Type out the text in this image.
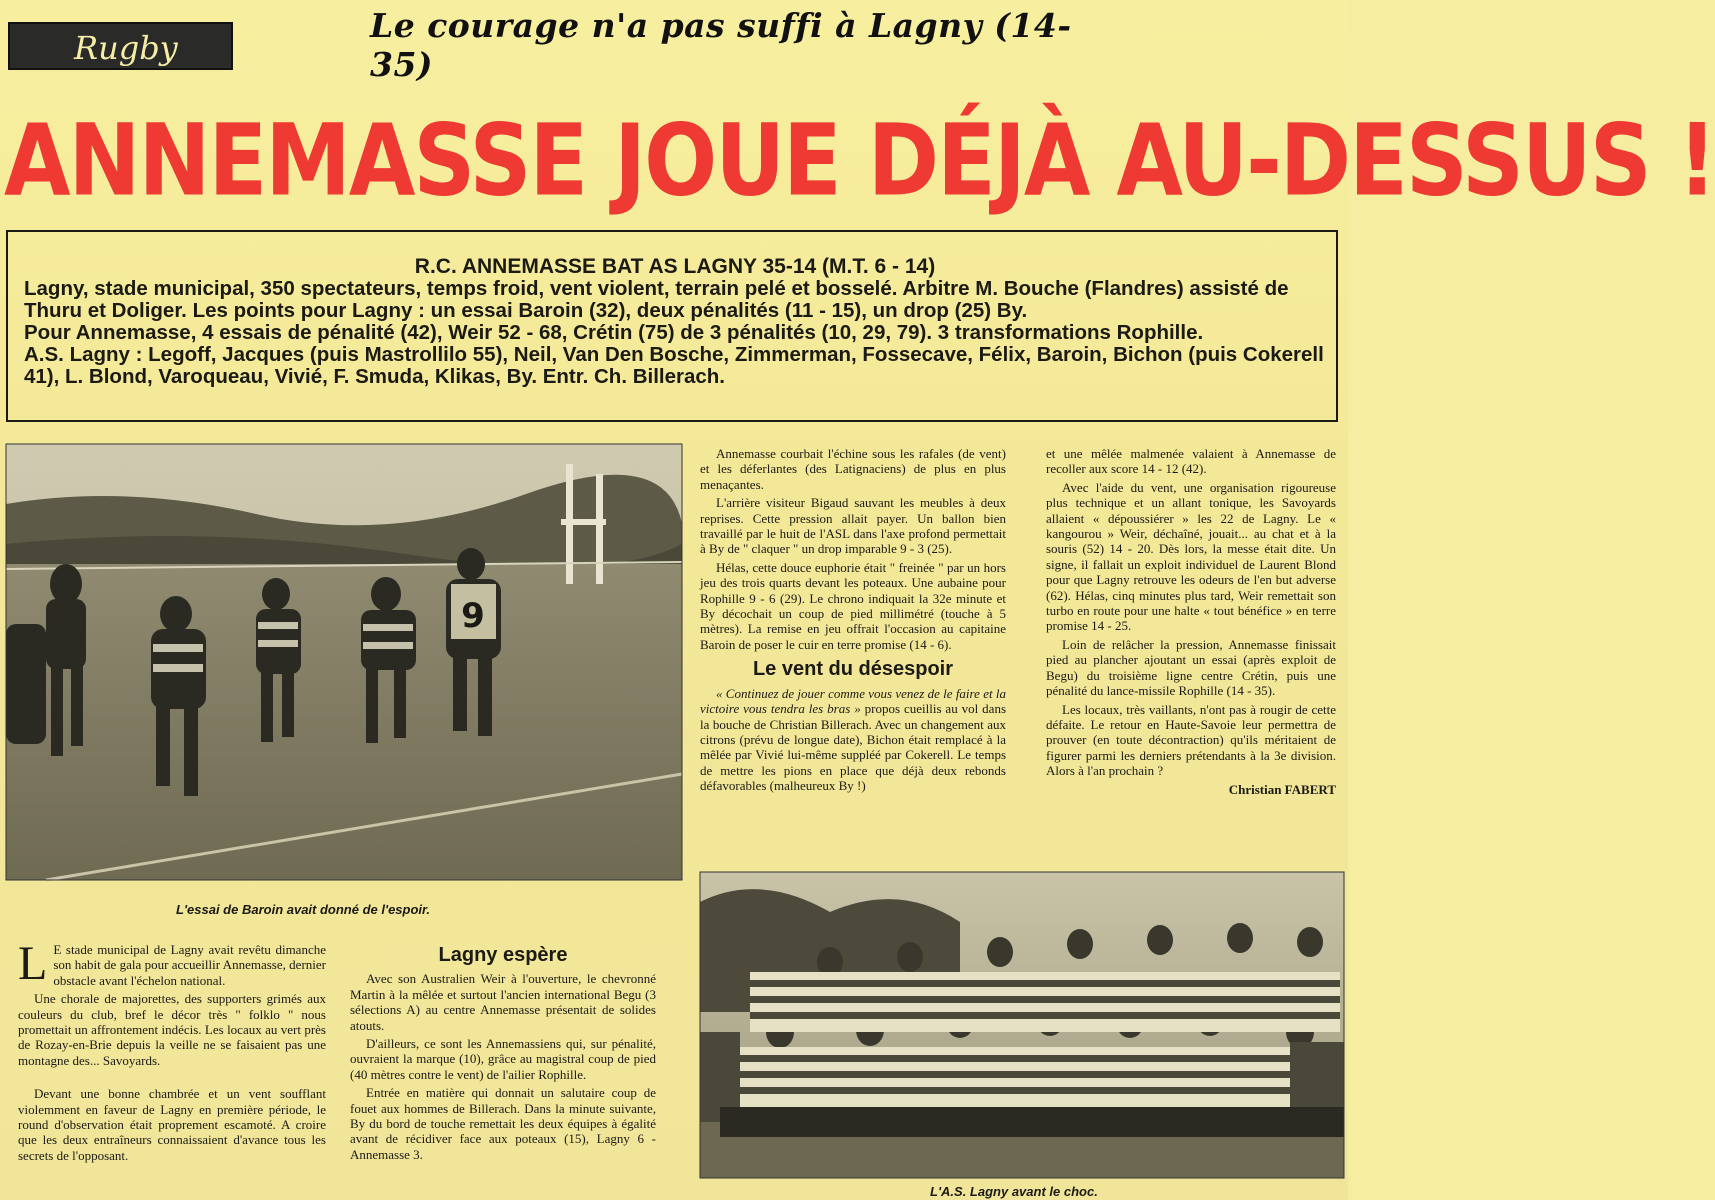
Rugby
Le courage n'a pas suffi à Lagny (14-35)
ANNEMASSE JOUE DÉJÀ AU-DESSUS !

R.C. ANNEMASSE BAT AS LAGNY 35-14 (M.T. 6 - 14)

Lagny, stade municipal, 350 spectateurs, temps froid, vent violent, terrain pelé et bosselé. Arbitre M. Bouche (Flandres) assisté de Thuru et Doliger. Les points pour Lagny : un essai Baroin (32), deux pénalités (11 - 15), un drop (25) By.

Pour Annemasse, 4 essais de pénalité (42), Weir 52 - 68, Crétin (75) de 3 pénalités (10, 29, 79). 3 transformations Rophille.

A.S. Lagny : Legoff, Jacques (puis Mastrollilo 55), Neil, Van Den Bosche, Zimmerman, Fossecave, Félix, Baroin, Bichon (puis Cokerell 41), L. Blond, Varoqueau, Vivié, F. Smuda, Klikas, By. Entr. Ch. Billerach.

9
L'essai de Baroin avait donné de l'espoir.

L E stade municipal de Lagny avait revêtu dimanche son habit de gala pour accueillir Annemasse, dernier obstacle avant l'échelon national.

Une chorale de majorettes, des supporters grimés aux couleurs du club, bref le décor très " folklo " nous promettait un affrontement indécis. Les locaux au vert près de Rozay-en-Brie depuis la veille ne se faisaient pas une montagne des... Savoyards.

Devant une bonne chambrée et un vent soufflant violemment en faveur de Lagny en première période, le round d'observation était proprement escamoté. A croire que les deux entraîneurs connaissaient d'avance tous les secrets de l'opposant.

Lagny espère

Avec son Australien Weir à l'ouverture, le chevronné Martin à la mêlée et surtout l'ancien international Begu (3 sélections A) au centre Annemasse présentait de solides atouts.

D'ailleurs, ce sont les Annemassiens qui, sur pénalité, ouvraient la marque (10), grâce au magistral coup de pied (40 mètres contre le vent) de l'ailier Rophille.

Entrée en matière qui donnait un salutaire coup de fouet aux hommes de Billerach. Dans la minute suivante, By du bord de touche remettait les deux équipes à égalité avant de récidiver face aux poteaux (15), Lagny 6 - Annemasse 3.

Annemasse courbait l'échine sous les rafales (de vent) et les déferlantes (des Latignaciens) de plus en plus menaçantes.

L'arrière visiteur Bigaud sauvant les meubles à deux reprises. Cette pression allait payer. Un ballon bien travaillé par le huit de l'ASL dans l'axe profond permettait à By de " claquer " un drop imparable 9 - 3 (25).

Hélas, cette douce euphorie était " freinée " par un hors jeu des trois quarts devant les poteaux. Une aubaine pour Rophille 9 - 6 (29). Le chrono indiquait la 32e minute et By décochait un coup de pied millimétré (touche à 5 mètres). La remise en jeu offrait l'occasion au capitaine Baroin de poser le cuir en terre promise (14 - 6).

Le vent du désespoir

« Continuez de jouer comme vous venez de le faire et la victoire vous tendra les bras » propos cueillis au vol dans la bouche de Christian Billerach. Avec un changement aux citrons (prévu de longue date), Bichon était remplacé à la mêlée par Vivié lui-même suppléé par Cokerell. Le temps de mettre les pions en place que déjà deux rebonds défavorables (malheureux By !)

et une mêlée malmenée valaient à Annemasse de recoller aux score 14 - 12 (42).

Avec l'aide du vent, une organisation rigoureuse plus technique et un allant tonique, les Savoyards allaient « dépoussiérer » les 22 de Lagny. Le « kangourou » Weir, déchaîné, jouait... au chat et à la souris (52) 14 - 20. Dès lors, la messe était dite. Un signe, il fallait un exploit individuel de Laurent Blond pour que Lagny retrouve les odeurs de l'en but adverse (62). Hélas, cinq minutes plus tard, Weir remettait son turbo en route pour une halte « tout bénéfice » en terre promise 14 - 25.

Loin de relâcher la pression, Annemasse finissait pied au plancher ajoutant un essai (après exploit de Begu) du troisième ligne centre Crétin, puis une pénalité du lance-missile Rophille (14 - 35).

Les locaux, très vaillants, n'ont pas à rougir de cette défaite. Le retour en Haute-Savoie leur permettra de prouver (en toute décontraction) qu'ils méritaient de figurer parmi les derniers prétendants à la 3e division. Alors à l'an prochain ?

Christian FABERT

L'A.S. Lagny avant le choc.
